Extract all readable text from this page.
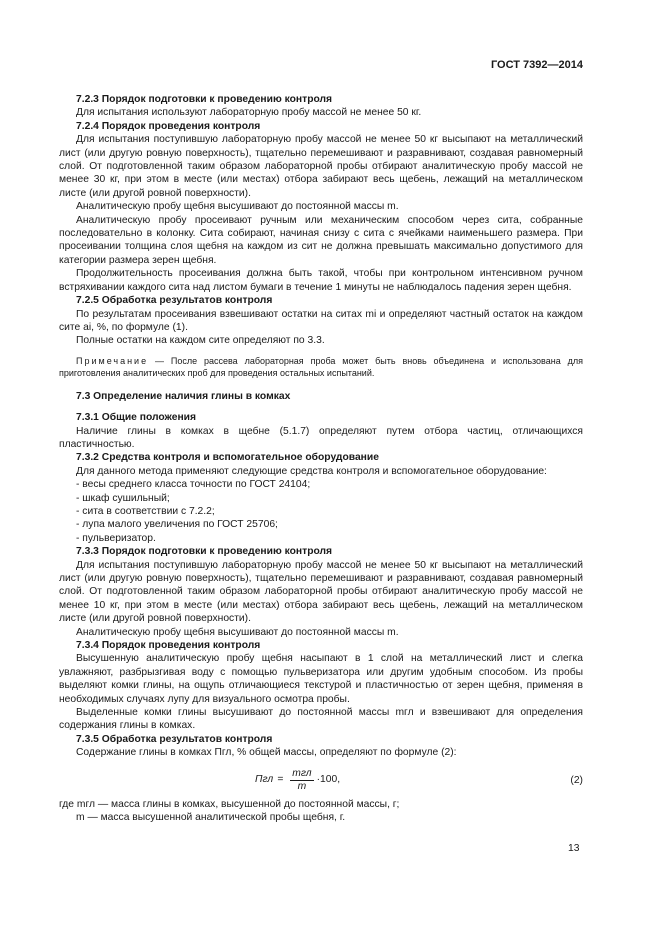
ГОСТ 7392—2014

7.2.3 Порядок подготовки к проведению контроля

Для испытания используют лабораторную пробу массой не менее 50 кг.

7.2.4 Порядок проведения контроля

Для испытания поступившую лабораторную пробу массой не менее 50 кг высыпают на металлический лист (или другую ровную поверхность), тщательно перемешивают и разравнивают, создавая равномерный слой. От подготовленной таким образом лабораторной пробы отбирают аналитическую пробу массой не менее 30 кг, при этом в месте (или местах) отбора забирают весь щебень, лежащий на металлическом листе (или другой ровной поверхности).

Аналитическую пробу щебня высушивают до постоянной массы m.

Аналитическую пробу просеивают ручным или механическим способом через сита, собранные последовательно в колонку. Сита собирают, начиная снизу с сита с ячейками наименьшего размера. При просеивании толщина слоя щебня на каждом из сит не должна превышать максимально допустимого для категории размера зерен щебня.

Продолжительность просеивания должна быть такой, чтобы при контрольном интенсивном ручном встряхивании каждого сита над листом бумаги в течение 1 минуты не наблюдалось падения зерен щебня.

7.2.5 Обработка результатов контроля

По результатам просеивания взвешивают остатки на ситах mi и определяют частный остаток на каждом сите ai, %, по формуле (1).

Полные остатки на каждом сите определяют по 3.3.

Примечание — После рассева лабораторная проба может быть вновь объединена и использована для приготовления аналитических проб для проведения остальных испытаний.

7.3 Определение наличия глины в комках

7.3.1 Общие положения

Наличие глины в комках в щебне (5.1.7) определяют путем отбора частиц, отличающихся пластичностью.

7.3.2 Средства контроля и вспомогательное оборудование

Для данного метода применяют следующие средства контроля и вспомогательное оборудование:

- весы среднего класса точности по ГОСТ 24104;

- шкаф сушильный;

- сита в соответствии с 7.2.2;

- лупа малого увеличения по ГОСТ 25706;

- пульверизатор.

7.3.3 Порядок подготовки к проведению контроля

Для испытания поступившую лабораторную пробу массой не менее 50 кг высыпают на металлический лист (или другую ровную поверхность), тщательно перемешивают и разравнивают, создавая равномерный слой. От подготовленной таким образом лабораторной пробы отбирают аналитическую пробу массой не менее 10 кг, при этом в месте (или местах) отбора забирают весь щебень, лежащий на металлическом листе (или другой ровной поверхности).

Аналитическую пробу щебня высушивают до постоянной массы m.

7.3.4 Порядок проведения контроля

Высушенную аналитическую пробу щебня насыпают в 1 слой на металлический лист и слегка увлажняют, разбрызгивая воду с помощью пульверизатора или другим удобным способом. Из пробы выделяют комки глины, на ощупь отличающиеся текстурой и пластичностью от зерен щебня, применяя в необходимых случаях лупу для визуального осмотра пробы.

Выделенные комки глины высушивают до постоянной массы mгл и взвешивают для определения содержания глины в комках.

7.3.5 Обработка результатов контроля

Содержание глины в комках Пгл, % общей массы, определяют по формуле (2):

Пгл = $\frac{\text{mгл}}{m} \cdot 100$,	(2)

где mгл — масса глины в комках, высушенной до постоянной массы, г;

m — масса высушенной аналитической пробы щебня, г.

13
